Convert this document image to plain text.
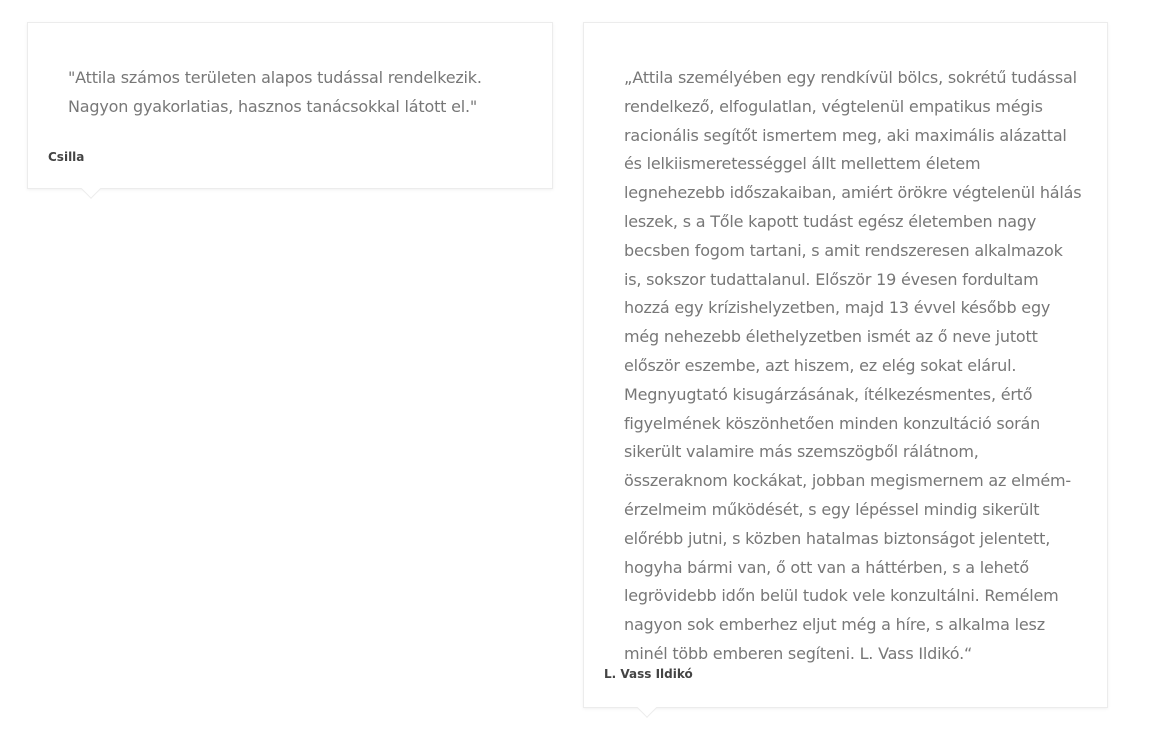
"Attila számos területen alapos tudással rendelkezik. Nagyon gyakorlatias, hasznos tanácsokkal látott el."

Csilla

„Attila személyében egy rendkívül bölcs, sokrétű tudással rendelkező, elfogulatlan, végtelenül empatikus mégis racionális segítőt ismertem meg, aki maximális alázattal és lelkiismeretességgel állt mellettem életem legnehezebb időszakaiban, amiért örökre végtelenül hálás leszek, s a Tőle kapott tudást egész életemben nagy becsben fogom tartani, s amit rendszeresen alkalmazok is, sokszor tudattalanul. Először 19 évesen fordultam hozzá egy krízishelyzetben, majd 13 évvel később egy még nehezebb élethelyzetben ismét az ő neve jutott először eszembe, azt hiszem, ez elég sokat elárul. Megnyugtató kisugárzásának, ítélkezésmentes, értő figyelmének köszönhetően minden konzultáció során sikerült valamire más szemszögből rálátnom, összeraknom kockákat, jobban megismernem az elmém-érzelmeim működését, s egy lépéssel mindig sikerült előrébb jutni, s közben hatalmas biztonságot jelentett, hogyha bármi van, ő ott van a háttérben, s a lehető legrövidebb időn belül tudok vele konzultálni. Remélem nagyon sok emberhez eljut még a híre, s alkalma lesz minél több emberen segíteni. L. Vass Ildikó.“

L. Vass Ildikó
